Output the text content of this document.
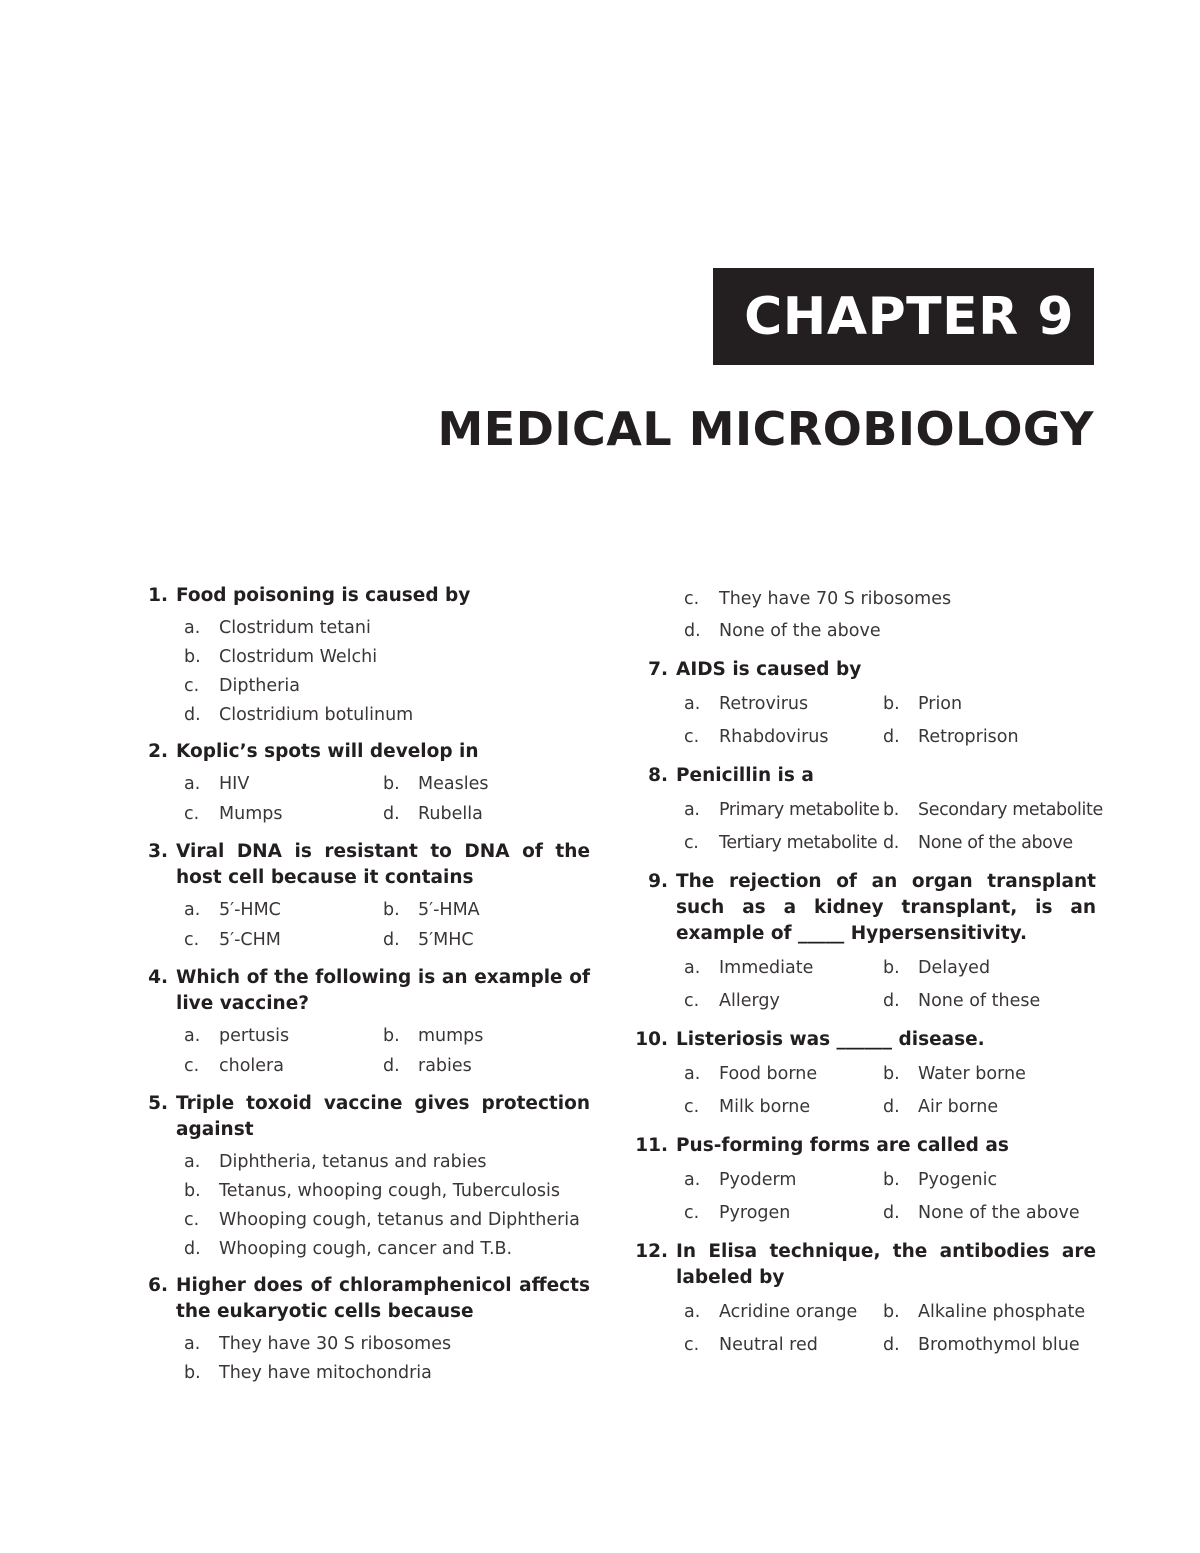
CHAPTER 9
MEDICAL MICROBIOLOGY
1. Food poisoning is caused by
a.	Clostridum tetani
b.	Clostridum Welchi
c.	Diptheria
d.	Clostridium botulinum
2. Koplic’s spots will develop in
a.	HIV	b.	Measles
c.	Mumps	d.	Rubella
3. Viral DNA is resistant to DNA of the host cell because it contains
a.	5′-HMC	b.	5′-HMA
c.	5′-CHM	d.	5′MHC
4. Which of the following is an example of live vaccine?
a.	pertusis	b.	mumps
c.	cholera	d.	rabies
5. Triple toxoid vaccine gives protection against
a.	Diphtheria, tetanus and rabies
b.	Tetanus, whooping cough, Tuberculosis
c.	Whooping cough, tetanus and Diphtheria
d.	Whooping cough, cancer and T.B.
6. Higher does of chloramphenicol affects the eukaryotic cells because
a.	They have 30 S ribosomes
b.	They have mitochondria
c.	They have 70 S ribosomes
d.	None of the above
7. AIDS is caused by
a.	Retrovirus	b.	Prion
c.	Rhabdovirus	d.	Retroprison
8. Penicillin is a
a.	Primary metabolite b.	Secondary metabolite
c.	Tertiary metabolite d.	None of the above
9. The rejection of an organ transplant such as a kidney transplant, is an example of _____ Hypersensitivity.
a.	Immediate	b.	Delayed
c.	Allergy	d.	None of these
10. Listeriosis was ______ disease.
a.	Food borne	b.	Water borne
c.	Milk borne	d.	Air borne
11. Pus-forming forms are called as
a.	Pyoderm	b.	Pyogenic
c.	Pyrogen	d.	None of the above
12. In Elisa technique, the antibodies are labeled by
a.	Acridine orange b.	Alkaline phosphate
c.	Neutral red	d.	Bromothymol blue
